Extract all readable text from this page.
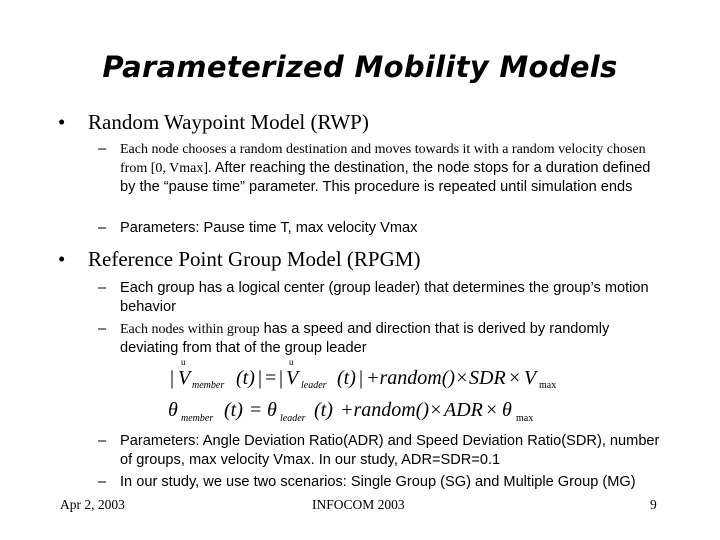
Parameterized Mobility Models
• Random Waypoint Model (RWP)
– Each node chooses a random destination and moves towards it with a random velocity chosen from [0, Vmax]. After reaching the destination, the node stops for a duration defined by the “pause time” parameter. This procedure is repeated until simulation ends
– Parameters: Pause time T, max velocity Vmax
• Reference Point Group Model (RPGM)
– Each group has a logical center (group leader) that determines the group’s motion behavior
– Each nodes within group has a speed and direction that is derived by randomly deviating from that of the group leader
| V
u
member (t) | = | V
u
leader (t) | +random()× SDR × V max
θ member (t) = θ leader (t) +random()× ADR × θ max
– Parameters: Angle Deviation Ratio(ADR) and Speed Deviation Ratio(SDR), number of groups, max velocity Vmax. In our study, ADR=SDR=0.1
– In our study, we use two scenarios: Single Group (SG) and Multiple Group (MG)
Apr 2, 2003	INFOCOM 2003	9
